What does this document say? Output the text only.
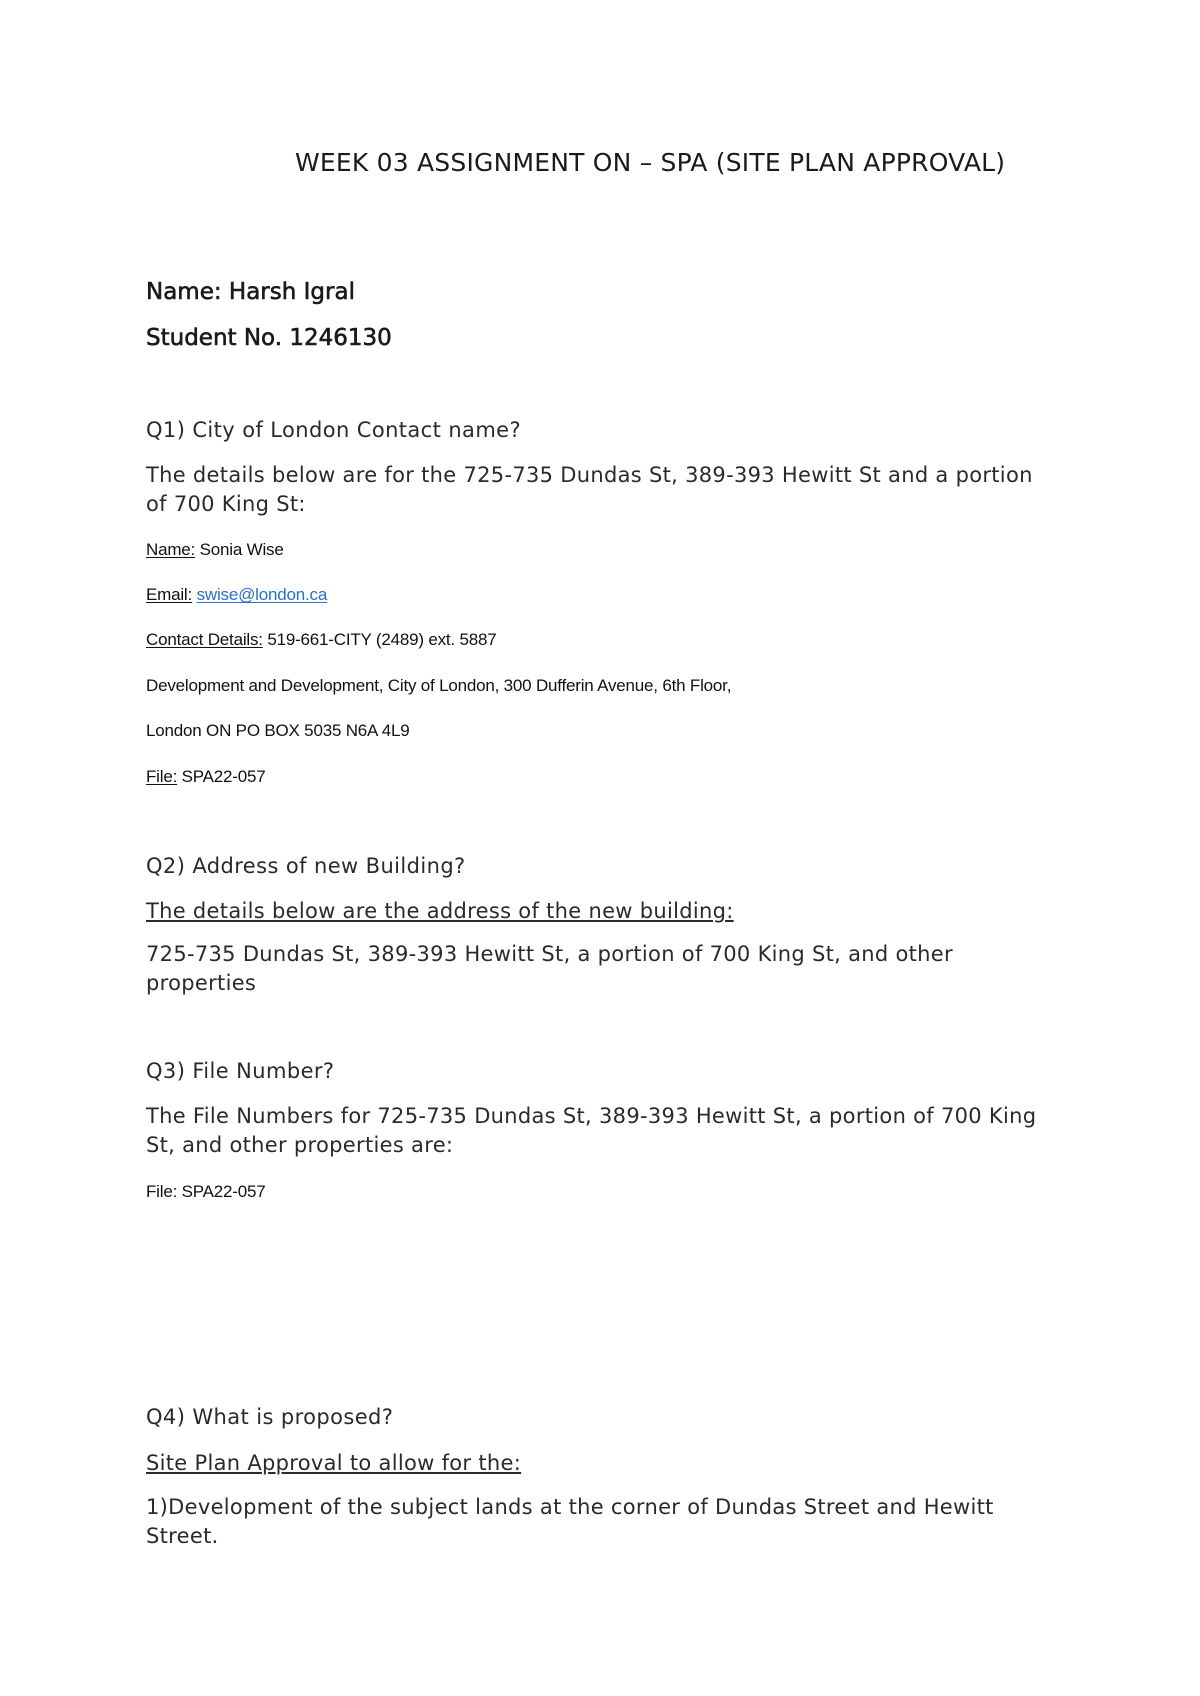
WEEK 03 ASSIGNMENT ON – SPA (SITE PLAN APPROVAL)

Name: Harsh Igral

Student No. 1246130

Q1) City of London Contact name?

The details below are for the 725-735 Dundas St, 389-393 Hewitt St and a portion of 700 King St:

Name: Sonia Wise

Email: swise@london.ca

Contact Details: 519-661-CITY (2489) ext. 5887

Development and Development, City of London, 300 Dufferin Avenue, 6th Floor,

London ON PO BOX 5035 N6A 4L9

File: SPA22-057

Q2) Address of new Building?

The details below are the address of the new building:

725-735 Dundas St, 389-393 Hewitt St, a portion of 700 King St, and other properties

Q3) File Number?

The File Numbers for 725-735 Dundas St, 389-393 Hewitt St, a portion of 700 King St, and other properties are:

File: SPA22-057

Q4) What is proposed?

Site Plan Approval to allow for the:

1)Development of the subject lands at the corner of Dundas Street and Hewitt Street.
